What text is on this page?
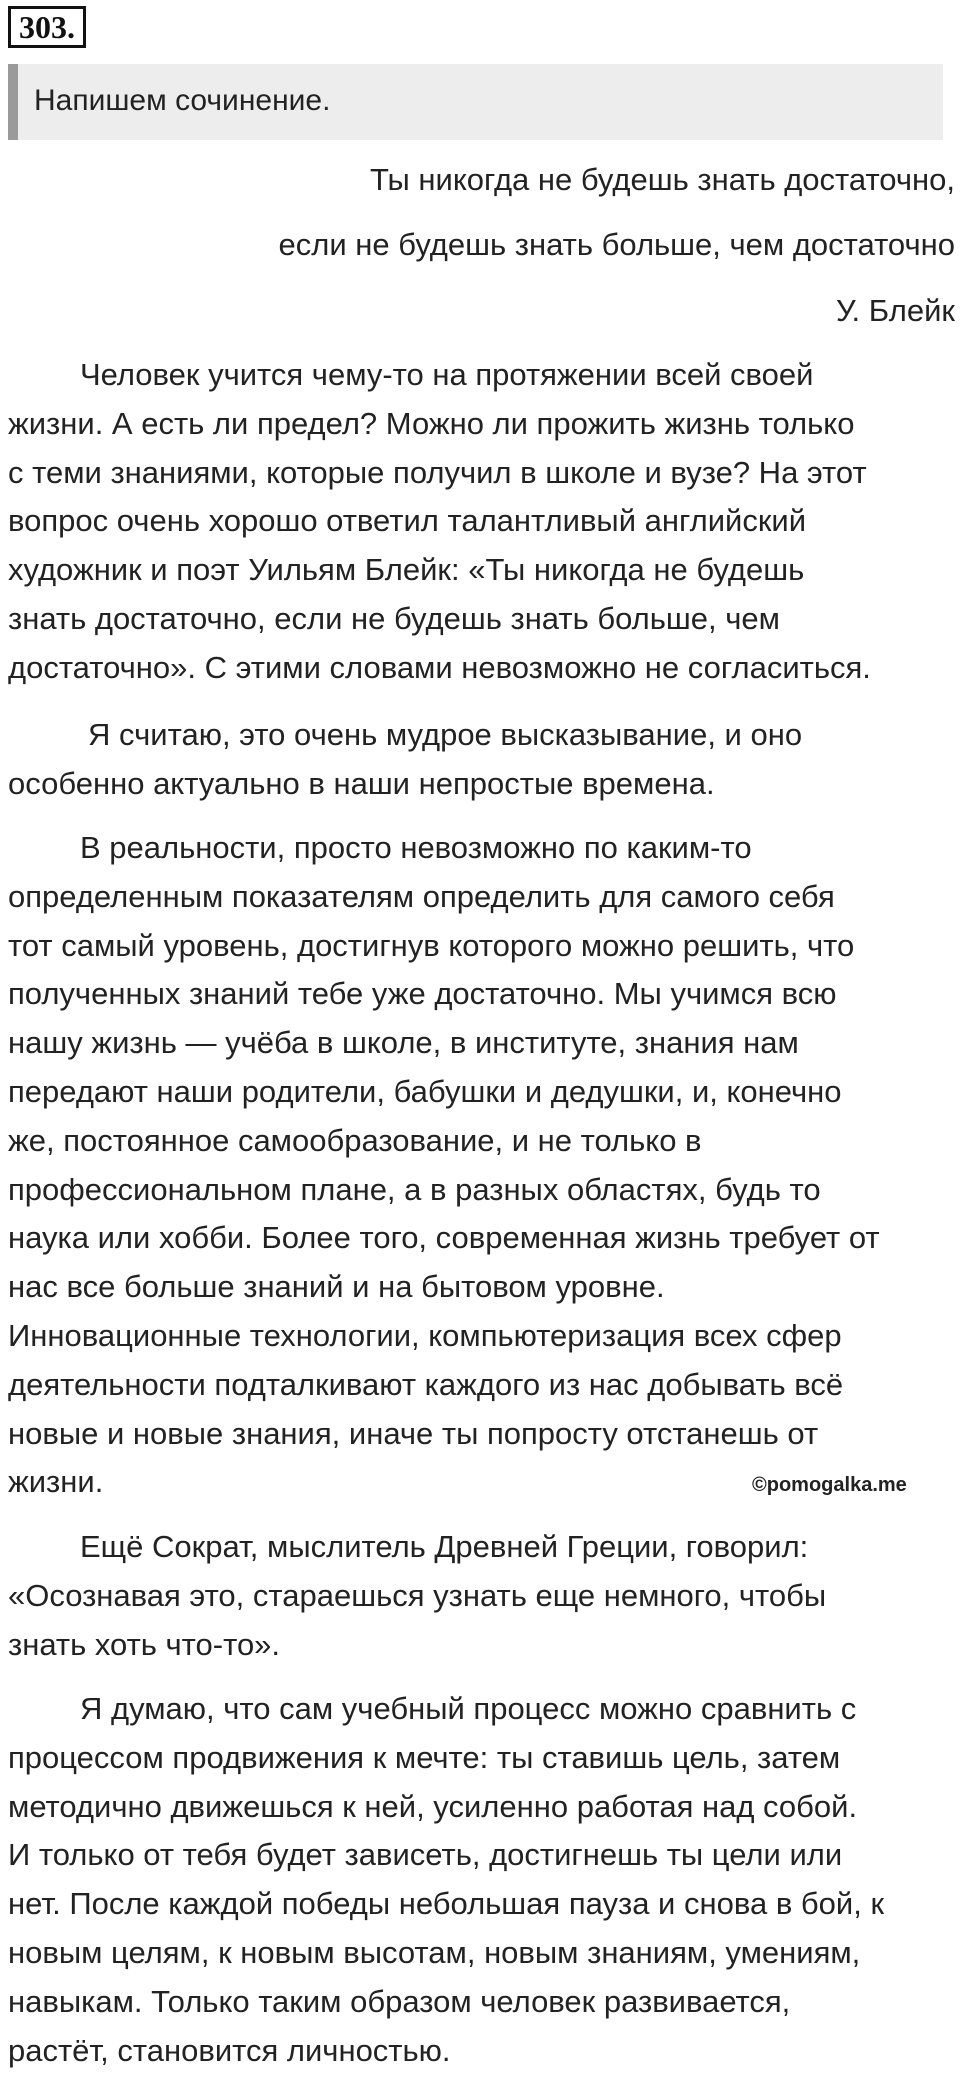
303.
Напишем сочинение.
Ты никогда не будешь знать достаточно,
если не будешь знать больше, чем достаточно
У. Блейк
Человек учится чему-то на протяжении всей своей
жизни. А есть ли предел? Можно ли прожить жизнь только
с теми знаниями, которые получил в школе и вузе? На этот
вопрос очень хорошо ответил талантливый английский
художник и поэт Уильям Блейк: «Ты никогда не будешь
знать достаточно, если не будешь знать больше, чем
достаточно». С этими словами невозможно не согласиться.
Я считаю, это очень мудрое высказывание, и оно
особенно актуально в наши непростые времена.
В реальности, просто невозможно по каким-то
определенным показателям определить для самого себя
тот самый уровень, достигнув которого можно решить, что
полученных знаний тебе уже достаточно. Мы учимся всю
нашу жизнь — учёба в школе, в институте, знания нам
передают наши родители, бабушки и дедушки, и, конечно
же, постоянное самообразование, и не только в
профессиональном плане, а в разных областях, будь то
наука или хобби. Более того, современная жизнь требует от
нас все больше знаний и на бытовом уровне.
Инновационные технологии, компьютеризация всех сфер
деятельности подталкивают каждого из нас добывать всё
новые и новые знания, иначе ты попросту отстанешь от
жизни.	©pomogalka.me
Ещё Сократ, мыслитель Древней Греции, говорил:
«Осознавая это, стараешься узнать еще немного, чтобы
знать хоть что-то».
Я думаю, что сам учебный процесс можно сравнить с
процессом продвижения к мечте: ты ставишь цель, затем
методично движешься к ней, усиленно работая над собой.
И только от тебя будет зависеть, достигнешь ты цели или
нет. После каждой победы небольшая пауза и снова в бой, к
новым целям, к новым высотам, новым знаниям, умениям,
навыкам. Только таким образом человек развивается,
растёт, становится личностью.
